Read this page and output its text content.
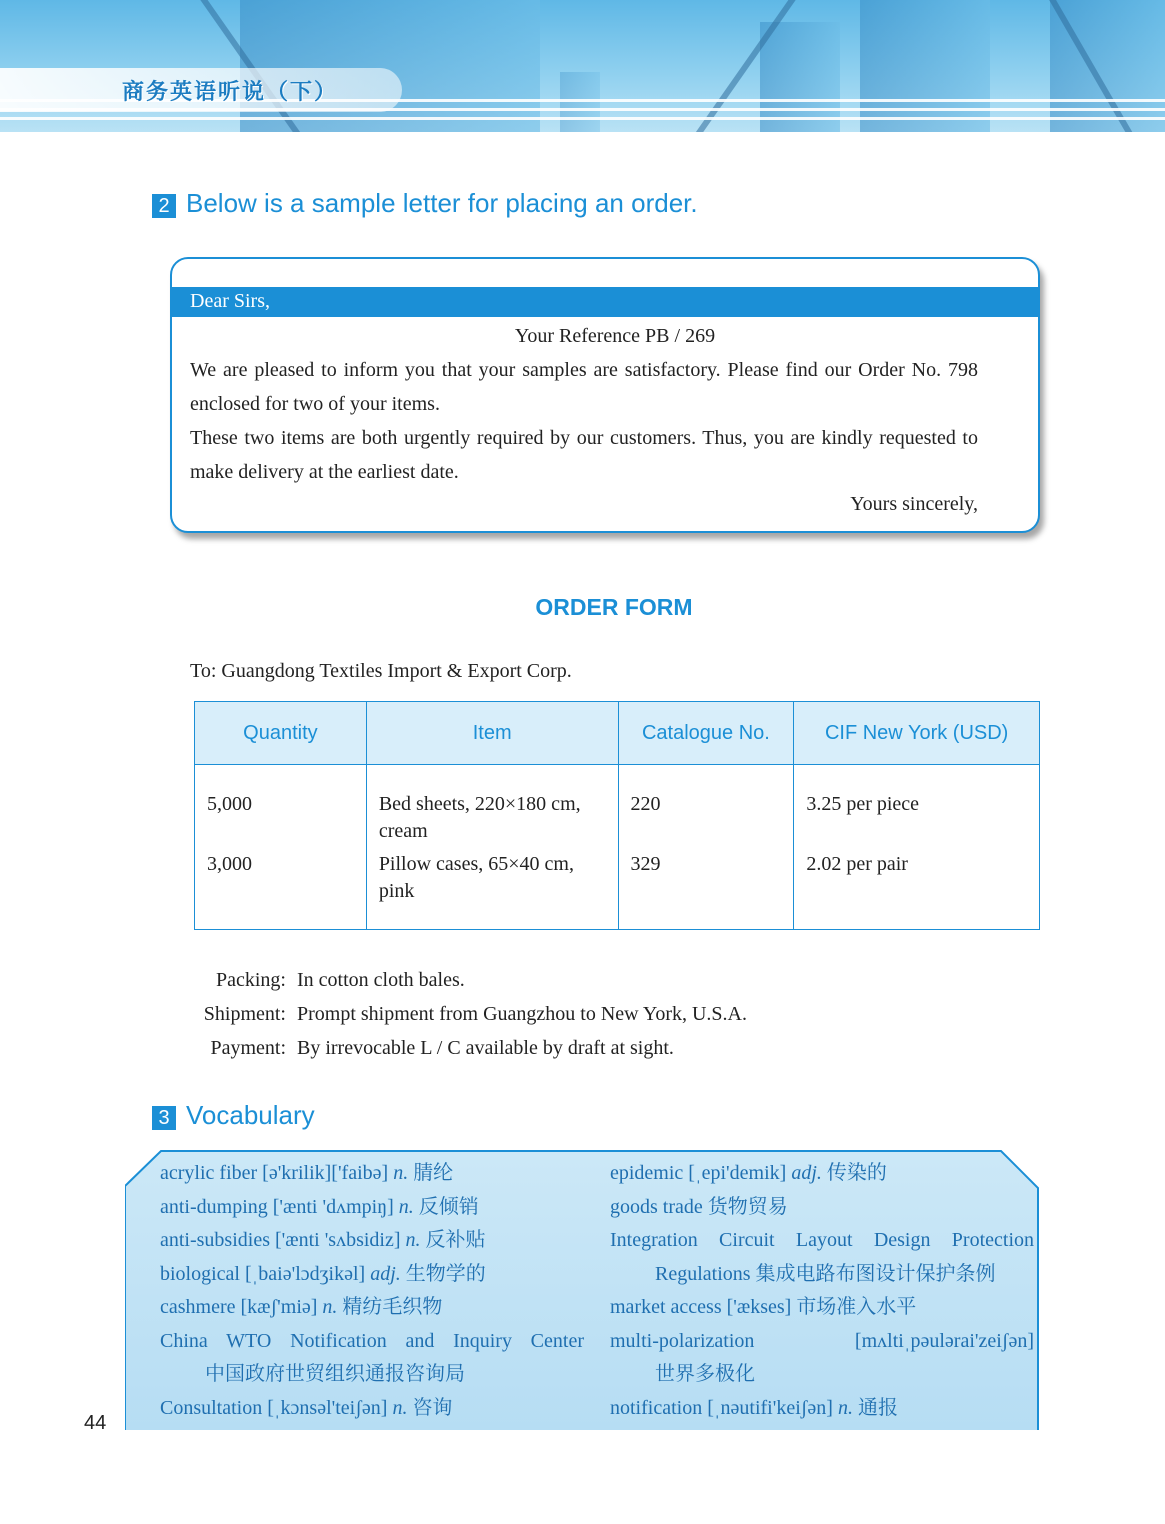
商务英语听说（下）
2 Below is a sample letter for placing an order.
Dear Sirs,
Your Reference PB / 269

We are pleased to inform you that your samples are satisfactory. Please find our Order No. 798 enclosed for two of your items.

These two items are both urgently required by our customers. Thus, you are kindly requested to make delivery at the earliest date.

Yours sincerely,
ORDER FORM
To: Guangdong Textiles Import & Export Corp.
Quantity	Item	Catalogue No.	CIF New York (USD)
5,000	Bed sheets, 220×180 cm, cream	220	3.25 per piece
3,000	Pillow cases, 65×40 cm, pink	329	2.02 per pair
Packing: In cotton cloth bales.
Shipment: Prompt shipment from Guangzhou to New York, U.S.A.
Payment: By irrevocable L / C available by draft at sight.
3 Vocabulary
acrylic fiber [ə'krilik]['faibə] n. 腈纶
anti-dumping ['ænti 'dʌmpiŋ] n. 反倾销
anti-subsidies ['ænti 'sʌbsidiz] n. 反补贴
biological [ˌbaiə'lɔdʒikəl] adj. 生物学的
cashmere [kæʃ'miə] n. 精纺毛织物
China WTO Notification and Inquiry Center
中国政府世贸组织通报咨询局
Consultation [ˌkɔnsəl'teiʃən] n. 咨询
epidemic [ˌepi'demik] adj. 传染的
goods trade 货物贸易
Integration Circuit Layout Design Protection
Regulations 集成电路布图设计保护条例
market access ['ækses] 市场准入水平
multi-polarization [mʌltiˌpəulərai'zeiʃən]
世界多极化
notification [ˌnəutifi'keiʃən] n. 通报
44
